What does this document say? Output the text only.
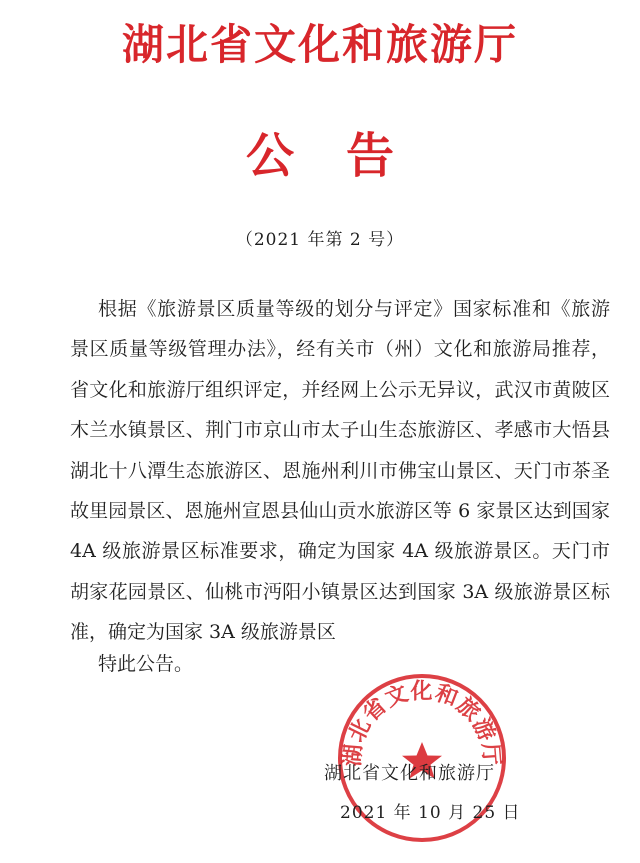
湖北省文化和旅游厅
公告
（2021 年第 2 号）
根据《旅游景区质量等级的划分与评定》国家标准和《旅游
景区质量等级管理办法》，经有关市（州）文化和旅游局推荐，
省文化和旅游厅组织评定，并经网上公示无异议，武汉市黄陂区
木兰水镇景区、荆门市京山市太子山生态旅游区、孝感市大悟县
湖北十八潭生态旅游区、恩施州利川市佛宝山景区、天门市茶圣
故里园景区、恩施州宣恩县仙山贡水旅游区等 6 家景区达到国家
4A 级旅游景区标准要求，确定为国家 4A 级旅游景区。天门市
胡家花园景区、仙桃市沔阳小镇景区达到国家 3A 级旅游景区标
准，确定为国家 3A 级旅游景区
特此公告。
湖北省文化和旅游厅
湖北省文化和旅游厅
2021 年 10 月 25 日
